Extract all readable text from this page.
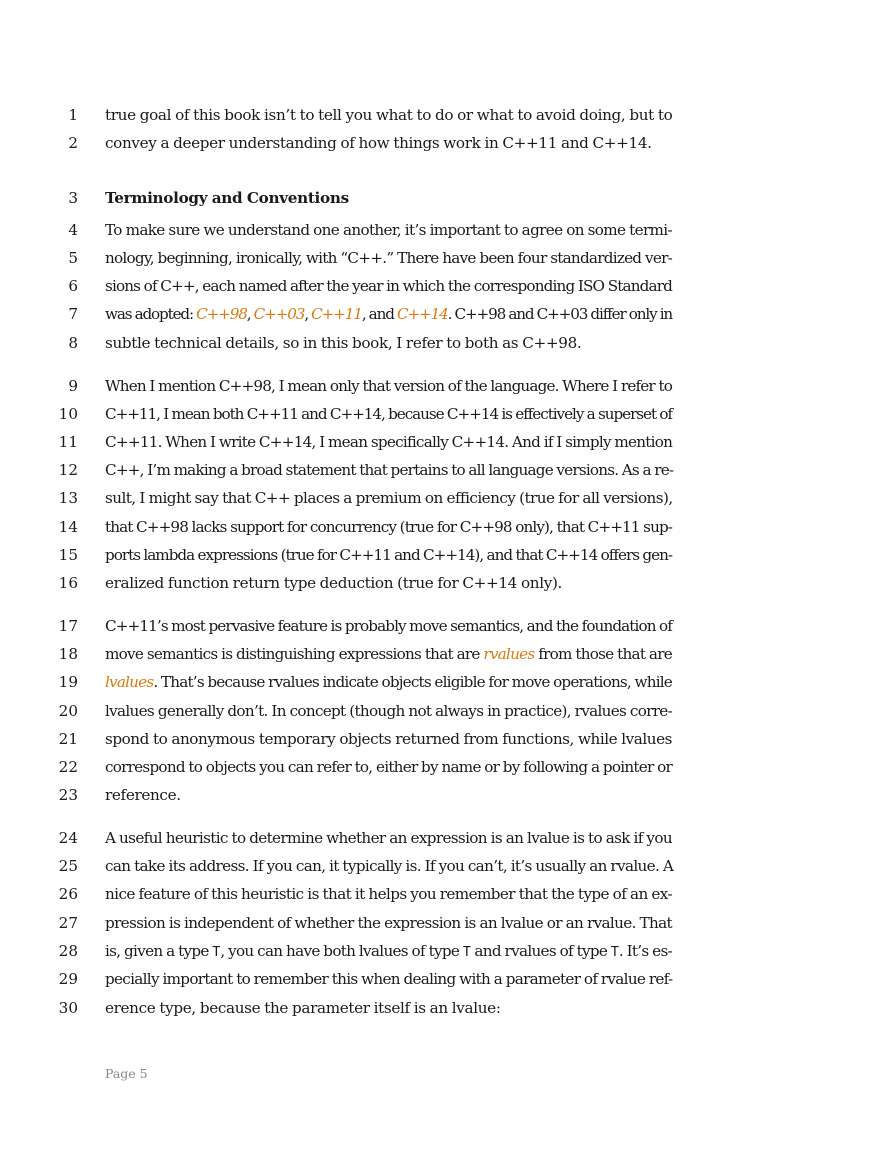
1 true goal of this book isn’t to tell you what to do or what to avoid doing, but to
2 convey a deeper understanding of how things work in C++11 and C++14.
3 Terminology and Conventions
4 To make sure we understand one another, it’s important to agree on some termi-
5 nology, beginning, ironically, with “C++.” There have been four standardized ver-
6 sions of C++, each named after the year in which the corresponding ISO Standard
7 was adopted: C++98, C++03, C++11, and C++14. C++98 and C++03 differ only in
8 subtle technical details, so in this book, I refer to both as C++98.
9 When I mention C++98, I mean only that version of the language. Where I refer to
10 C++11, I mean both C++11 and C++14, because C++14 is effectively a superset of
11 C++11. When I write C++14, I mean specifically C++14. And if I simply mention
12 C++, I’m making a broad statement that pertains to all language versions. As a re-
13 sult, I might say that C++ places a premium on efficiency (true for all versions),
14 that C++98 lacks support for concurrency (true for C++98 only), that C++11 sup-
15 ports lambda expressions (true for C++11 and C++14), and that C++14 offers gen-
16 eralized function return type deduction (true for C++14 only).
17 C++11’s most pervasive feature is probably move semantics, and the foundation of
18 move semantics is distinguishing expressions that are rvalues from those that are
19 lvalues. That’s because rvalues indicate objects eligible for move operations, while
20 lvalues generally don’t. In concept (though not always in practice), rvalues corre-
21 spond to anonymous temporary objects returned from functions, while lvalues
22 correspond to objects you can refer to, either by name or by following a pointer or
23 reference.
24 A useful heuristic to determine whether an expression is an lvalue is to ask if you
25 can take its address. If you can, it typically is. If you can’t, it’s usually an rvalue. A
26 nice feature of this heuristic is that it helps you remember that the type of an ex-
27 pression is independent of whether the expression is an lvalue or an rvalue. That
28 is, given a type T, you can have both lvalues of type T and rvalues of type T. It’s es-
29 pecially important to remember this when dealing with a parameter of rvalue ref-
30 erence type, because the parameter itself is an lvalue:
Page 5
